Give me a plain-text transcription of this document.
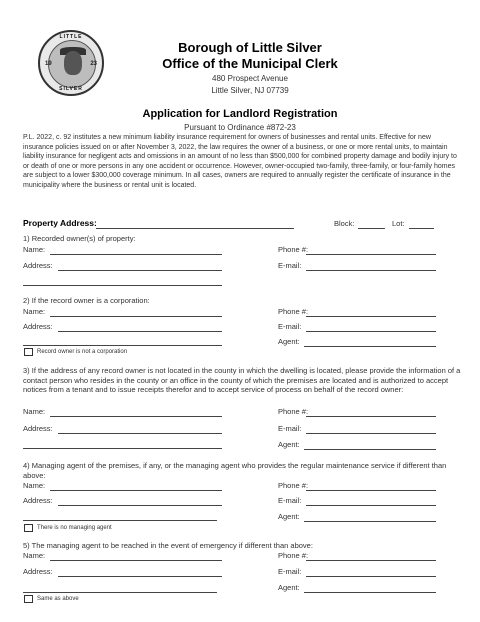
LITTLE
19	23
SILVER
Borough of Little Silver
Office of the Municipal Clerk
480 Prospect Avenue
Little Silver, NJ 07739
Application for Landlord Registration
Pursuant to Ordinance #872-23
P.L. 2022, c. 92 institutes a new minimum liability insurance requirement for owners of businesses and rental units. Effective for new insurance policies issued on or after November 3, 2022, the law requires the owner of a business, or one or more rental units, to maintain liability insurance for negligent acts and omissions in an amount of no less than $500,000 for combined property damage and bodily injury to or death of one or more persons in any one accident or occurrence. However, owner-occupied two-family, three-family, or four-family homes are subject to a lower $300,000 coverage minimum. In all cases, owners are required to annually register the certificate of insurance in the municipality where the business or rental unit is located.
Property Address:	Block:	Lot:
1) Recorded owner(s) of property:
Name:	Phone #:
Address:	E-mail:
2) If the record owner is a corporation:
Name:	Phone #:
Address:	E-mail:
Agent:
Record owner is not a corporation
3) If the address of any record owner is not located in the county in which the dwelling is located, please provide the information of a contact person who resides in the county or an office in the county of which the premises are located and is authorized to accept notices from a tenant and to issue receipts therefor and to accept service of process on behalf of the record owner:
Name:	Phone #:
Address:	E-mail:
Agent:
4) Managing agent of the premises, if any, or the managing agent who provides the regular maintenance service if different than above:
Name:	Phone #:
Address:	E-mail:
Agent:
There is no managing agent
5) The managing agent to be reached in the event of emergency if different than above:
Name:	Phone #:
Address:	E-mail:
Agent:
Same as above
